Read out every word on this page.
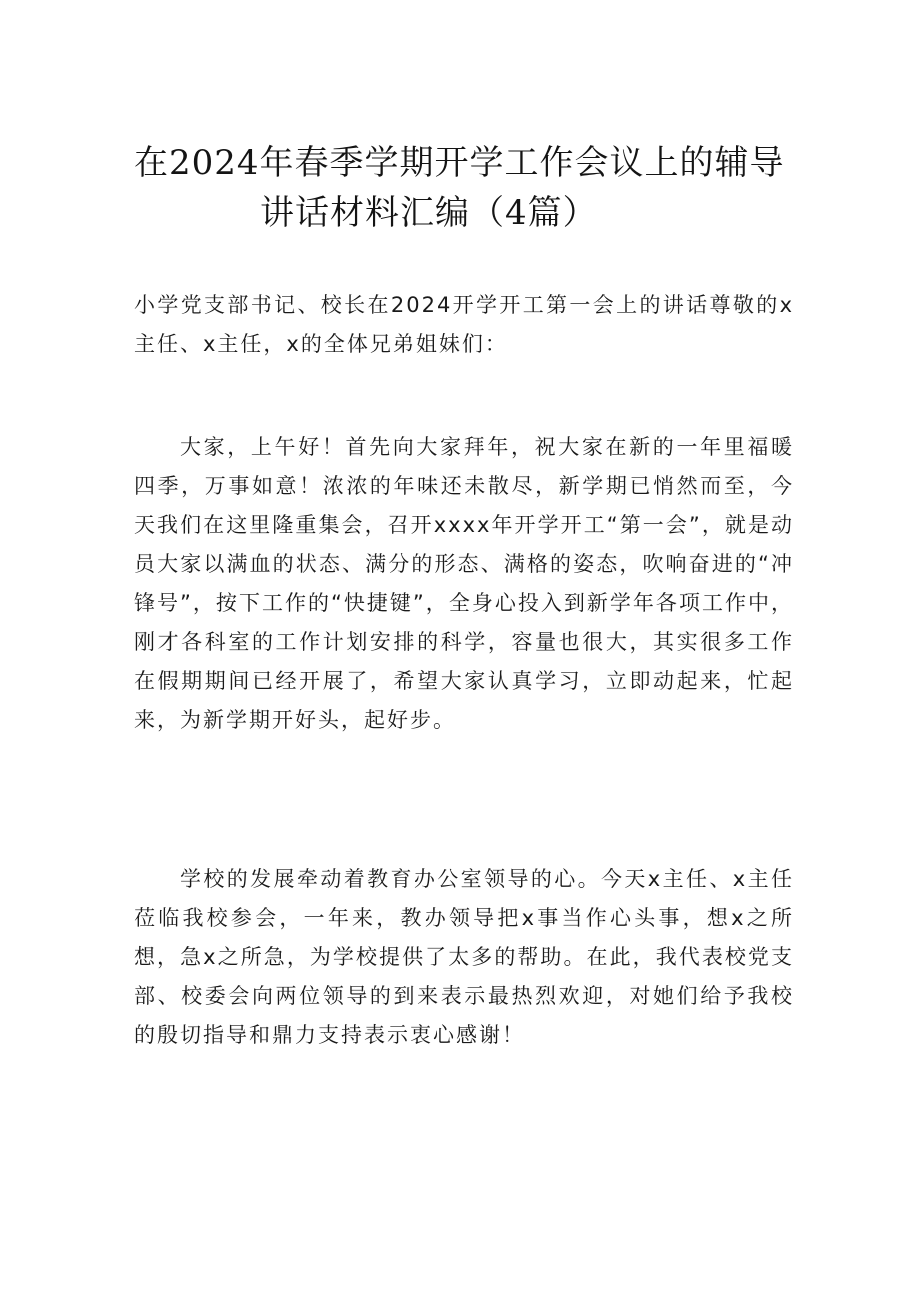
在2024年春季学期开学工作会议上的辅导
讲话材料汇编（4篇）

小学党支部书记、校长在2024开学开工第一会上的讲话尊敬的x主任、x主任，x的全体兄弟姐妹们：

大家，上午好！首先向大家拜年，祝大家在新的一年里福暖四季，万事如意！浓浓的年味还未散尽，新学期已悄然而至，今天我们在这里隆重集会，召开xxxx年开学开工“第一会”，就是动员大家以满血的状态、满分的形态、满格的姿态，吹响奋进的“冲锋号”，按下工作的“快捷键”，全身心投入到新学年各项工作中，刚才各科室的工作计划安排的科学，容量也很大，其实很多工作在假期期间已经开展了，希望大家认真学习，立即动起来，忙起来，为新学期开好头，起好步。

学校的发展牵动着教育办公室领导的心。今天x主任、x主任莅临我校参会，一年来，教办领导把x事当作心头事，想x之所想，急x之所急，为学校提供了太多的帮助。在此，我代表校党支部、校委会向两位领导的到来表示最热烈欢迎，对她们给予我校的殷切指导和鼎力支持表示衷心感谢！
